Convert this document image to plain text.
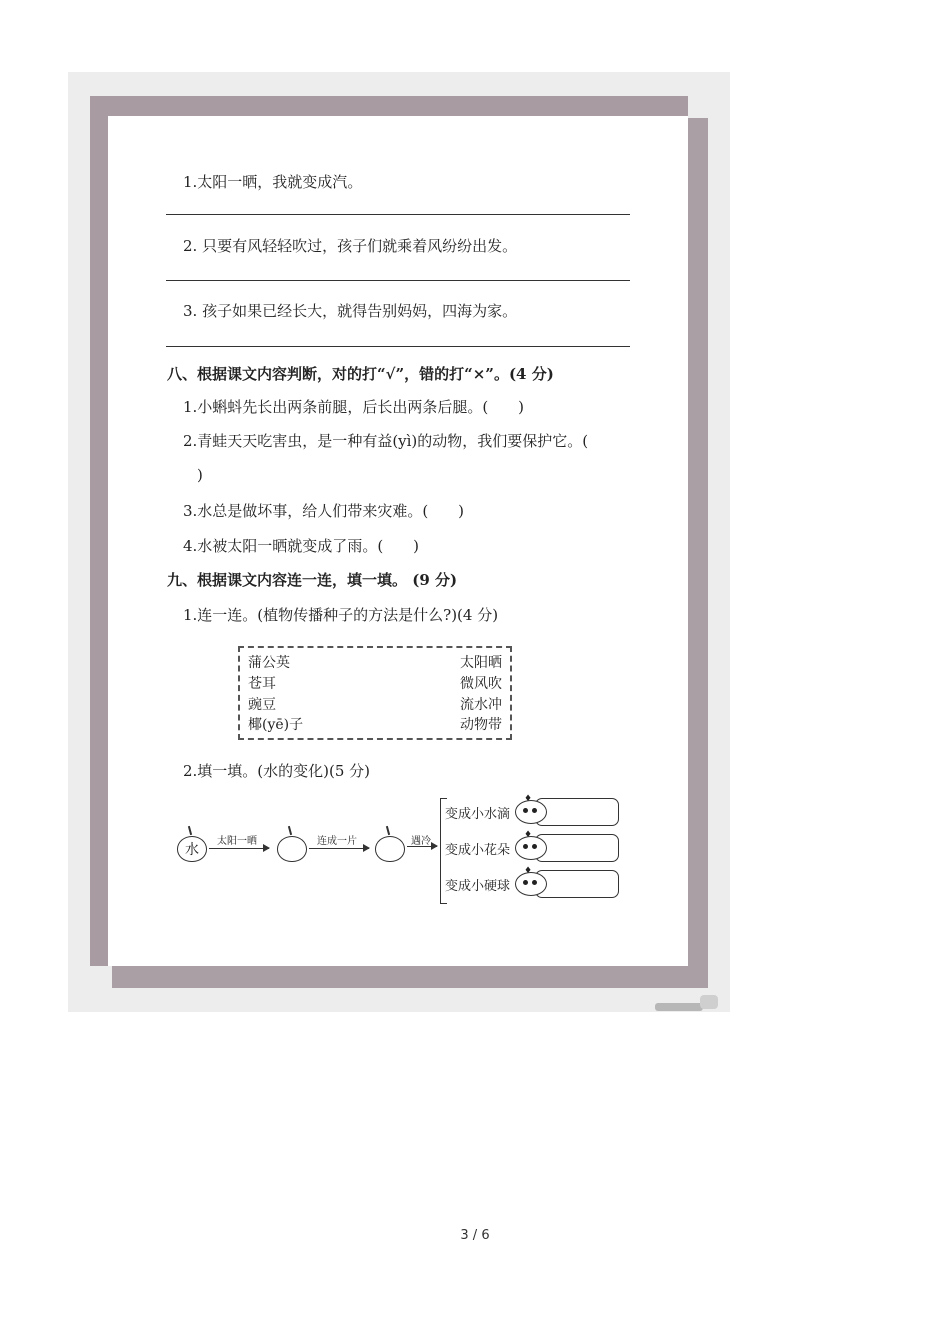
1.太阳一晒，我就变成汽。
2. 只要有风轻轻吹过，孩子们就乘着风纷纷出发。
3. 孩子如果已经长大，就得告别妈妈，四海为家。
八、根据课文内容判断，对的打“√”，错的打“×”。(4 分)
1.小蝌蚪先长出两条前腿，后长出两条后腿。(　　)
2.青蛙天天吃害虫，是一种有益(yì)的动物，我们要保护它。(
)
3.水总是做坏事，给人们带来灾难。(　　)
4.水被太阳一晒就变成了雨。(　　)
九、根据课文内容连一连，填一填。 (9 分)
1.连一连。(植物传播种子的方法是什么?)(4 分)
蒲公英
苍耳
豌豆
椰(yē)子
太阳晒
微风吹
流水冲
动物带
2.填一填。(水的变化)(5 分)
水
太阳一晒	连成一片	遇冷
变成小水滴
♦
变成小花朵
♦
变成小硬球
♦
3 / 6
